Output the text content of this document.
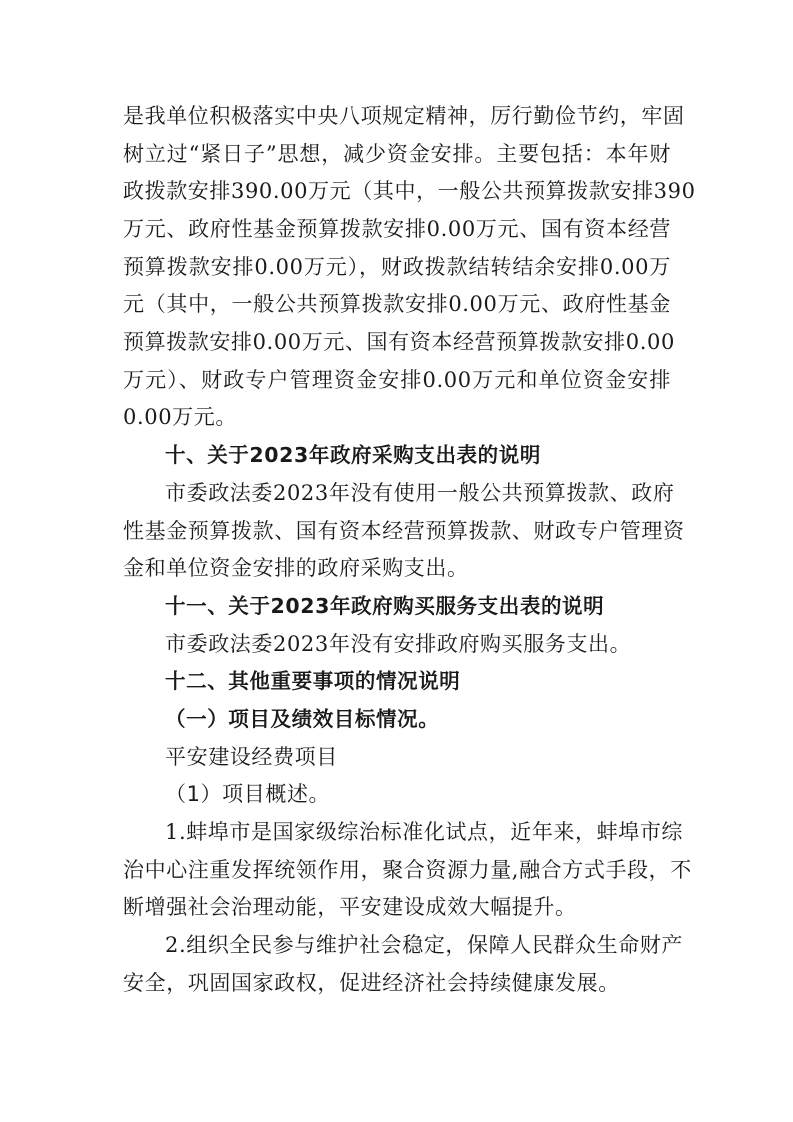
是我单位积极落实中央八项规定精神，厉行勤俭节约，牢固
树立过“紧日子”思想，减少资金安排。主要包括：本年财
政拨款安排390.00万元（其中，一般公共预算拨款安排390
万元、政府性基金预算拨款安排0.00万元、国有资本经营
预算拨款安排0.00万元），财政拨款结转结余安排0.00万
元（其中，一般公共预算拨款安排0.00万元、政府性基金
预算拨款安排0.00万元、国有资本经营预算拨款安排0.00
万元）、财政专户管理资金安排0.00万元和单位资金安排
0.00万元。
十、关于2023年政府采购支出表的说明
市委政法委2023年没有使用一般公共预算拨款、政府
性基金预算拨款、国有资本经营预算拨款、财政专户管理资
金和单位资金安排的政府采购支出。
十一、关于2023年政府购买服务支出表的说明
市委政法委2023年没有安排政府购买服务支出。
十二、其他重要事项的情况说明
（一）项目及绩效目标情况。
平安建设经费项目
（1）项目概述。
1.蚌埠市是国家级综治标准化试点，近年来，蚌埠市综
治中心注重发挥统领作用，聚合资源力量,融合方式手段，不
断增强社会治理动能，平安建设成效大幅提升。
2.组织全民参与维护社会稳定，保障人民群众生命财产
安全，巩固国家政权，促进经济社会持续健康发展。
